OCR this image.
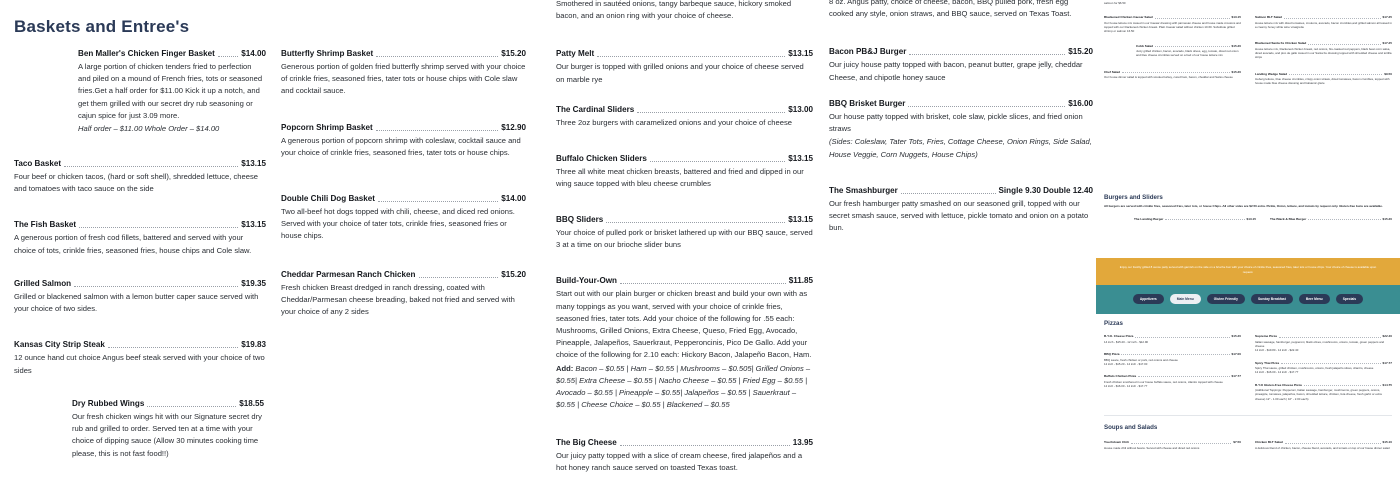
Baskets and Entree's
Ben Maller's Chicken Finger Basket	$14.00
A large portion of chicken tenders fried to perfection and piled on a mound of French fries, tots or seasoned fries.Get a half order for $11.00 Kick it up a notch, and get them grilled with our secret dry rub seasoning or cajun spice for just 3.09 more.
Half order – $11.00 Whole Order – $14.00
Taco Basket	$13.15
Four beef or chicken tacos, (hard or soft shell), shredded lettuce, cheese and tomatoes with taco sauce on the side
The Fish Basket	$13.15
A generous portion of fresh cod fillets, battered and served with your choice of tots, crinkle fries, seasoned fries, house chips and Cole slaw.
Grilled Salmon	$19.35
Grilled or blackened salmon with a lemon butter caper sauce served with your choice of two sides.
Kansas City Strip Steak	$19.83
12 ounce hand cut choice Angus beef steak served with your choice of two sides
Dry Rubbed Wings	$18.55
Our fresh chicken wings hit with our Signature secret dry rub and grilled to order. Served ten at a time with your choice of dipping sauce (Allow 30 minutes cooking time please, this is not fast food!!)
Butterfly Shrimp Basket	$15.20
Generous portion of golden fried butterfly shrimp served with your choice of crinkle fries, seasoned fries, tater tots or house chips with Cole slaw and cocktail sauce.
Popcorn Shrimp Basket	$12.90
A generous portion of popcorn shrimp with coleslaw, cocktail sauce and your choice of crinkle fries, seasoned fries, tater tots or house chips.
Double Chili Dog Basket	$14.00
Two all-beef hot dogs topped with chili, cheese, and diced red onions. Served with your choice of tater tots, crinkle fries, seasoned fries or house chips.
Cheddar Parmesan Ranch Chicken	$15.20
Fresh chicken Breast dredged in ranch dressing, coated with Cheddar/Parmesan cheese breading, baked not fried and served with your choice of any 2 sides
Smothered in sautéed onions, tangy barbeque sauce, hickory smoked bacon, and an onion ring with your choice of cheese.
Patty Melt	$13.15
Our burger is topped with grilled onions and your choice of cheese served on marble rye
The Cardinal Sliders	$13.00
Three 2oz burgers with caramelized onions and your choice of cheese
Buffalo Chicken Sliders	$13.15
Three all white meat chicken breasts, battered and fried and dipped in our wing sauce topped with bleu cheese crumbles
BBQ Sliders	$13.15
Your choice of pulled pork or brisket lathered up with our BBQ sauce, served 3 at a time on our brioche slider buns
Build-Your-Own	$11.85
Start out with our plain burger or chicken breast and build your own with as many toppings as you want, served with your choice of crinkle fries, seasoned fries, tater tots. Add your choice of the following for .55 each: Mushrooms, Grilled Onions, Extra Cheese, Queso, Fried Egg, Avocado, Pineapple, Jalapeños, Sauerkraut, Pepperoncinis, Pico De Gallo. Add your choice of the following for 2.10 each: Hickory Bacon, Jalapeño Bacon, Ham.
Add: Bacon – $0.55 | Ham – $0.55 | Mushrooms – $0.505| Grilled Onions – $0.55| Extra Cheese – $0.55 | Nacho Cheese – $0.55 | Fried Egg – $0.55 | Avocado – $0.55 | Pineapple – $0.55| Jalapeños – $0.55 | Sauerkraut – $0.55 | Cheese Choice – $0.55 | Blackened – $0.55
The Big Cheese	13.95
Our juicy patty topped with a slice of cream cheese, fired jalapeños and a hot honey ranch sauce served on toasted Texas toast.
8 oz. Angus patty, choice of cheese, bacon, BBQ pulled pork, fresh egg cooked any style, onion straws, and BBQ sauce, served on Texas Toast.
Bacon PB&J Burger	$15.20
Our juicy house patty topped with bacon, peanut butter, grape jelly, cheddar Cheese, and chipotle honey sauce
BBQ Brisket Burger	$16.00
Our house patty topped with brisket, cole slaw, pickle slices, and fried onion straws
(Sides: Coleslaw, Tater Tots, Fries, Cottage Cheese, Onion Rings, Side Salad, House Veggie, Corn Nuggets, House Chips)
The Smashburger	Single 9.30 Double 12.40
Our fresh hamburger patty smashed on our seasoned grill, topped with our secret smash sauce, served with lettuce, pickle tomato and onion on a potato bun.
salmon for $6.50
Blackened Chicken Caesar Salad	$13.15
Our house lettuce mix tossed in our Caesar dressing with parmesan cheese and house made croutons and topped with our blackened chicken breast. Plain Caesar salad without chicken 10.60. Substitute grilled shrimp or salmon 16.50
Cobb Salad	$15.20
Juicy grilled chicken, bacon, avocado, black olives, egg, tomato, diced red onion and bleu cheese crumbles served on a bed of our house lettuce mix
Chef Salad	$15.20
Our house dinner salad is topped with smoked turkey, cured ham, bacon, cheddar and Swiss cheese
Salmon BLT Salad	$17.25
House lettuce mix with diced tomatoes, croutons, avocado, bacon crumbles,and grilled salmon all tossed in a creamy honey white wine vinaigrette
Blackened Santa Fe Chicken Salad	$17.25
House lettuce mix, blackened chicken breast, red onions, fire-roasted red peppers, black bean corn salsa, diced avocado, and pico de gallo tossed in our Santa Fe dressing topped with shredded cheese and tortilla strips
Landing Wedge Salad	$9.50
Iceberg lettuce, blue cheese crumbles, crispy onion straws, diced tomatoes, bacon crumbles, topped with house made blue cheese dressing and balsamic glaze
Burgers and Sliders
All burgers are served with crinkle fries, seasoned fries, tater tots, or house Chips. All other sides are $2.50 extra. Pickle, Onion, lettuce, and tomato by request only. Gluten-free buns are available.
The Landing Burger	$13.15	The Black & Blue Burger	$15.20
Enjoy our freshly grilled 8 ounce patty served with garnish on the side on a brioche bun with your choice of crinkle fries, seasoned fries, tater tots or house chips. Your choice of cheese is available upon request.
Appetizers	Main Menu	Gluten Friendly	Sunday Breakfast	Beer Menu	Specials
Pizzas
B.Y.O. Cheese Pizza	$15.20
14 inch - $15.20 - 12 inch - $12.90
BBQ Pizza	$17.00
BBQ sauce, fresh chicken or pork, red onions and cheese
12 inch - $15.20 - 14 inch - $17.00
Buffalo Chicken Pizza	$17.77
Fresh chicken smothered in our house buffalo sauce, red onions, cilantro topped with cheese
12 inch - $16.00 - 14 inch - $17.77
Supreme Pizza	$22.40
Italian sausage, hamburger, pepperoni, black olives, mushrooms, onions, tomato, green peppers and cheese
12 inch - $19.80 - 14 inch - $22.40
Spicy Thai Pizza	$17.77
Spicy Thai sauce, grilled chicken, mushrooms, onions, fresh jalapeño slices, cilantro, cheese
12 inch - $16.00 - 14 inch - $17.77
B.Y.O Gluten-Free Cheese Pizza	$14.75
(Additional Toppings: Pepperoni, Italian sausage, hamburger, mushrooms, green peppers, onions, pineapple, tomatoes, jalapeños, bacon, shredded lettuce, chicken, feta cheese, fresh garlic or extra cheese) 12" - 1.00 each | 10" - 2.00 each)
Soups and Salads
Touchdown Chili	$7.50
House made chili without beans. Served with cheese and diced red onions
Chicken BLT Salad	$15.10
A delicious blend of chicken, bacon, cheese blend, avocado, and tomato on top of our house dinner salad
